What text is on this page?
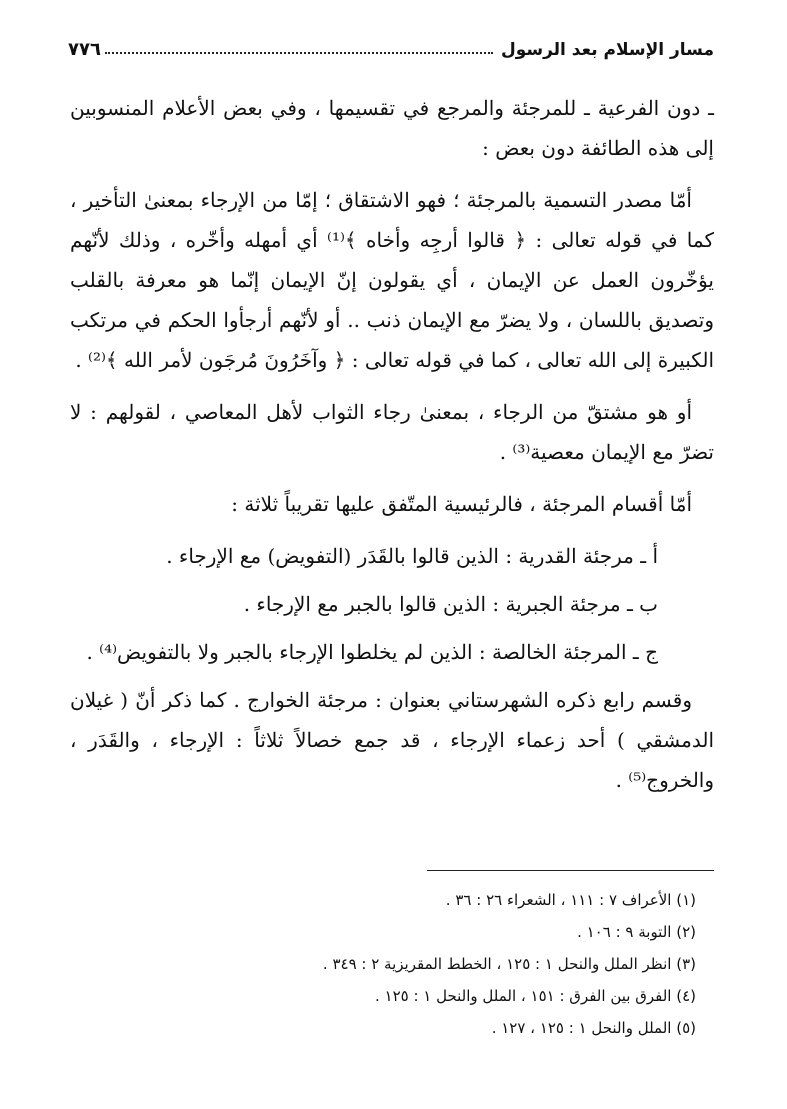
٧٧٦	مسار الإسلام بعد الرسول

ـ دون الفرعية ـ للمرجئة والمرجع في تقسيمها ، وفي بعض الأعلام المنسوبين إلى هذه الطائفة دون بعض :

أمّا مصدر التسمية بالمرجئة ؛ فهو الاشتقاق ؛ إمّا من الإرجاء بمعنىٰ التأخير ، كما في قوله تعالى : ﴿ قالوا أرجِه وأخاه ﴾⁽¹⁾ أي أمهله وأخّره ، وذلك لأنّهم يؤخّرون العمل عن الإيمان ، أي يقولون إنّ الإيمان إنّما هو معرفة بالقلب وتصديق باللسان ، ولا يضرّ مع الإيمان ذنب .. أو لأنّهم أرجأوا الحكم في مرتكب الكبيرة إلى الله تعالى ، كما في قوله تعالى : ﴿ وآخَرُونَ مُرجَون لأمر الله ﴾⁽²⁾ .

أو هو مشتقّ من الرجاء ، بمعنىٰ رجاء الثواب لأهل المعاصي ، لقولهم : لا تضرّ مع الإيمان معصية⁽³⁾ .

أمّا أقسام المرجئة ، فالرئيسية المتّفق عليها تقريباً ثلاثة :

أ ـ مرجئة القدرية : الذين قالوا بالقَدَر (التفويض) مع الإرجاء .

ب ـ مرجئة الجبرية : الذين قالوا بالجبر مع الإرجاء .

ج ـ المرجئة الخالصة : الذين لم يخلطوا الإرجاء بالجبر ولا بالتفويض⁽⁴⁾ .

وقسم رابع ذكره الشهرستاني بعنوان : مرجئة الخوارج . كما ذكر أنّ ( غيلان الدمشقي ) أحد زعماء الإرجاء ، قد جمع خصالاً ثلاثاً : الإرجاء ، والقَدَر ، والخروج⁽⁵⁾ .

(١) الأعراف ٧ : ١١١ ، الشعراء ٢٦ : ٣٦ .
(٢) التوبة ٩ : ١٠٦ .
(٣) انظر الملل والنحل ١ : ١٢٥ ، الخطط المقريزية ٢ : ٣٤٩ .
(٤) الفرق بين الفرق : ١٥١ ، الملل والنحل ١ : ١٢٥ .
(٥) الملل والنحل ١ : ١٢٥ ، ١٢٧ .
